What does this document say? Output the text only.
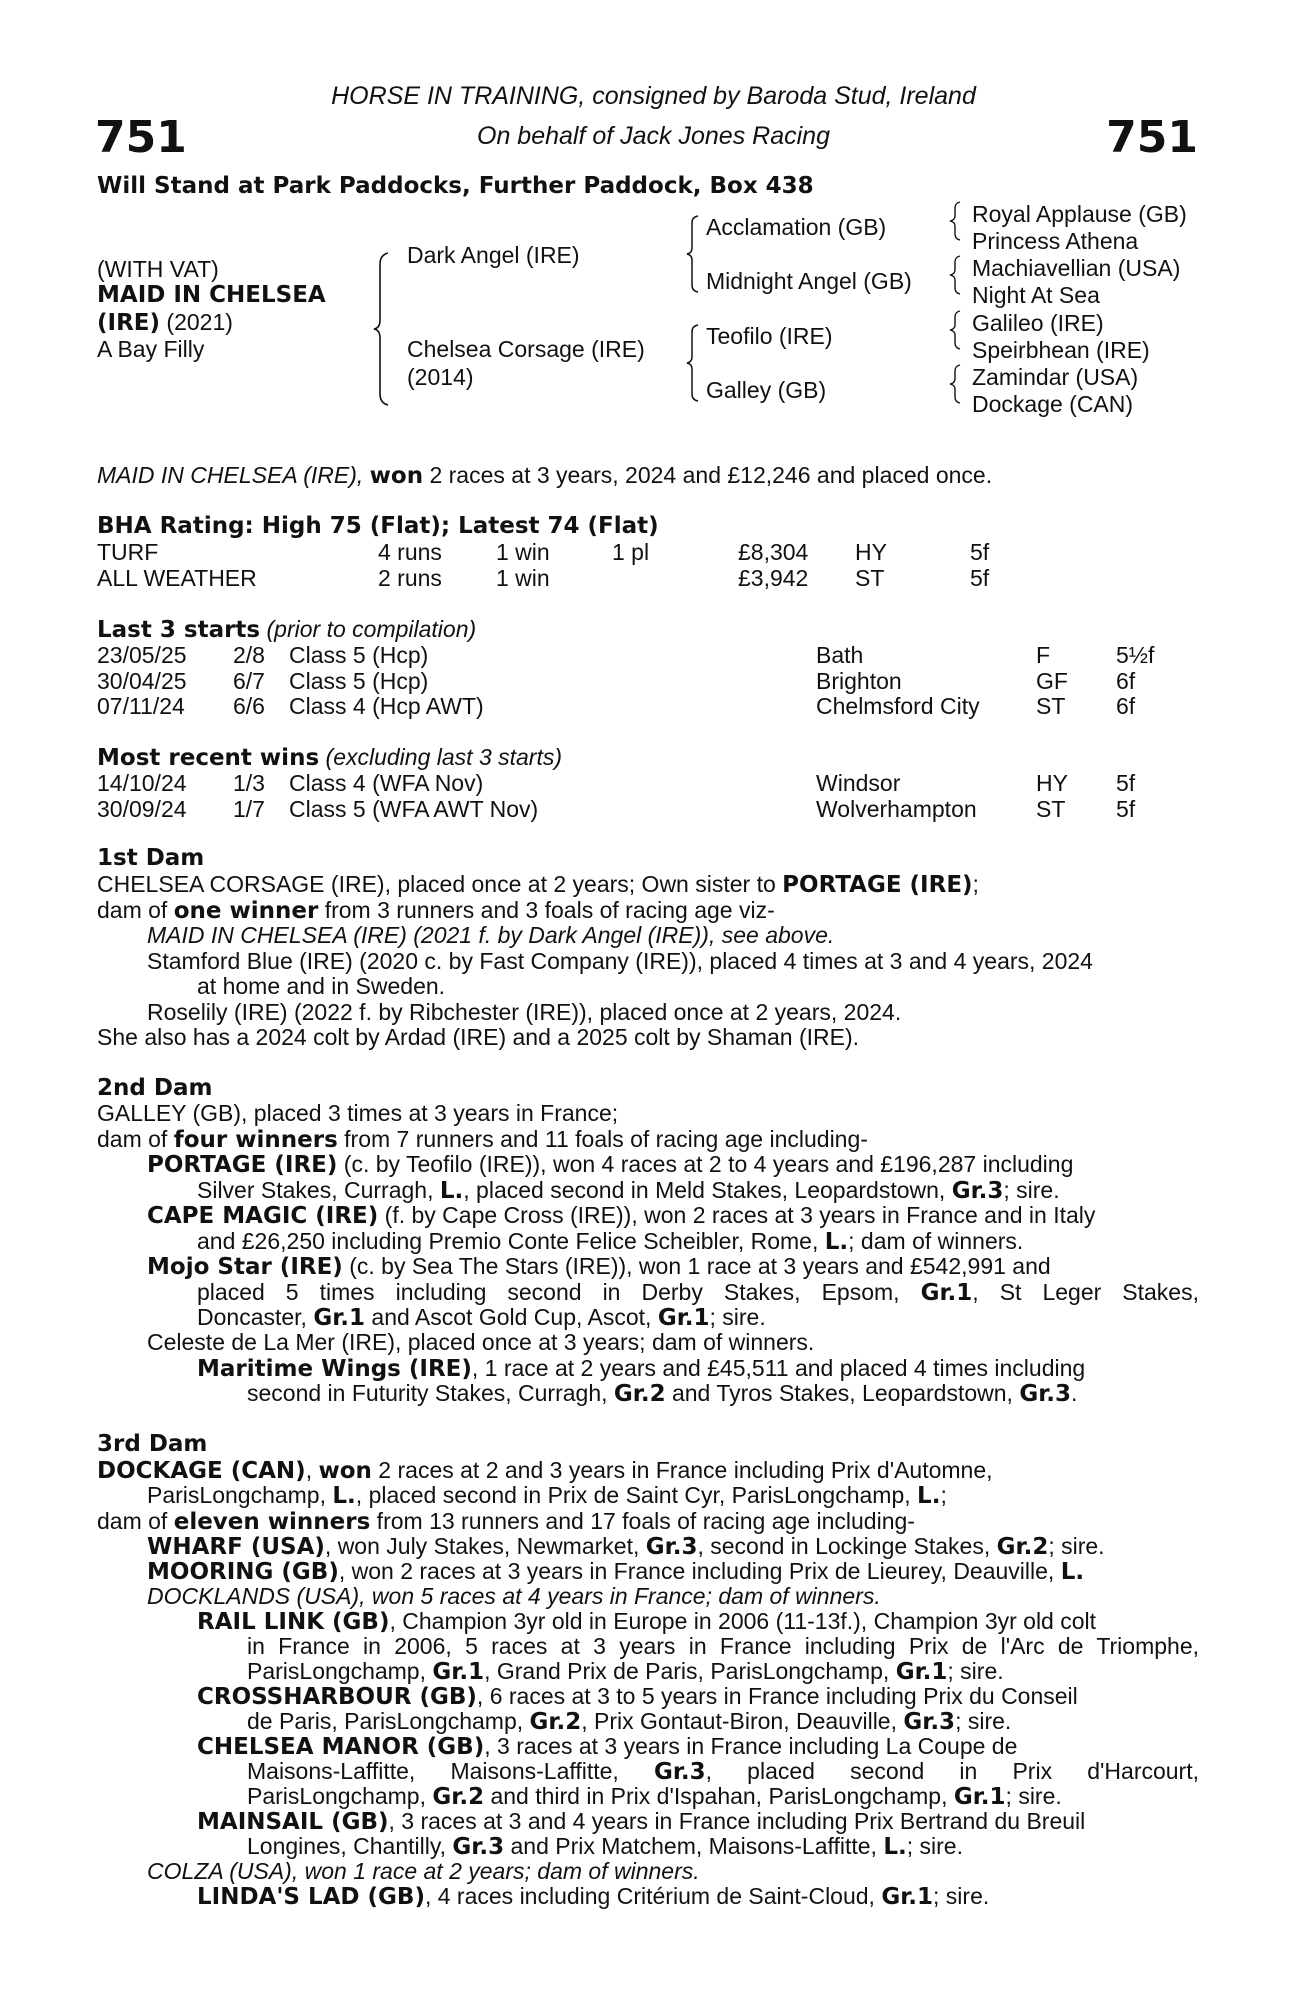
751	751
HORSE IN TRAINING, consigned by Baroda Stud, Ireland
On behalf of Jack Jones Racing
Will Stand at Park Paddocks, Further Paddock, Box 438
(WITH VAT)
MAID IN CHELSEA
(IRE) (2021)
A Bay Filly
Dark Angel (IRE)
Chelsea Corsage (IRE)
(2014)
Acclamation (GB)
Midnight Angel (GB)
Teofilo (IRE)
Galley (GB)
Royal Applause (GB)
Princess Athena
Machiavellian (USA)
Night At Sea
Galileo (IRE)
Speirbhean (IRE)
Zamindar (USA)
Dockage (CAN)
MAID IN CHELSEA (IRE), won 2 races at 3 years, 2024 and £12,246 and placed once.
BHA Rating: High 75 (Flat); Latest 74 (Flat)
TURF	4 runs 1 win	1 pl	£8,304 HY	5f
ALL WEATHER	2 runs 1 win	£3,942 ST	5f
Last 3 starts (prior to compilation)
23/05/25 2/8 Class 5 (Hcp)	Bath	F	5½f
30/04/25 6/7 Class 5 (Hcp)	Brighton	GF 6f
07/11/24 6/6 Class 4 (Hcp AWT)	Chelmsford City ST 6f
Most recent wins (excluding last 3 starts)
14/10/24 1/3 Class 4 (WFA Nov)	Windsor	HY 5f
30/09/24 1/7 Class 5 (WFA AWT Nov)	Wolverhampton	ST 5f
1st Dam
CHELSEA CORSAGE (IRE), placed once at 2 years; Own sister to PORTAGE (IRE);
dam of one winner from 3 runners and 3 foals of racing age viz-
MAID IN CHELSEA (IRE) (2021 f. by Dark Angel (IRE)), see above.
Stamford Blue (IRE) (2020 c. by Fast Company (IRE)), placed 4 times at 3 and 4 years, 2024
at home and in Sweden.
Roselily (IRE) (2022 f. by Ribchester (IRE)), placed once at 2 years, 2024.
She also has a 2024 colt by Ardad (IRE) and a 2025 colt by Shaman (IRE).
2nd Dam
GALLEY (GB), placed 3 times at 3 years in France;
dam of four winners from 7 runners and 11 foals of racing age including-
PORTAGE (IRE) (c. by Teofilo (IRE)), won 4 races at 2 to 4 years and £196,287 including
Silver Stakes, Curragh, L., placed second in Meld Stakes, Leopardstown, Gr.3; sire.
CAPE MAGIC (IRE) (f. by Cape Cross (IRE)), won 2 races at 3 years in France and in Italy
and £26,250 including Premio Conte Felice Scheibler, Rome, L.; dam of winners.
Mojo Star (IRE) (c. by Sea The Stars (IRE)), won 1 race at 3 years and £542,991 and
placed 5 times including second in Derby Stakes, Epsom, Gr.1, St Leger Stakes,
Doncaster, Gr.1 and Ascot Gold Cup, Ascot, Gr.1; sire.
Celeste de La Mer (IRE), placed once at 3 years; dam of winners.
Maritime Wings (IRE), 1 race at 2 years and £45,511 and placed 4 times including
second in Futurity Stakes, Curragh, Gr.2 and Tyros Stakes, Leopardstown, Gr.3.
3rd Dam
DOCKAGE (CAN), won 2 races at 2 and 3 years in France including Prix d'Automne,
ParisLongchamp, L., placed second in Prix de Saint Cyr, ParisLongchamp, L.;
dam of eleven winners from 13 runners and 17 foals of racing age including-
WHARF (USA), won July Stakes, Newmarket, Gr.3, second in Lockinge Stakes, Gr.2; sire.
MOORING (GB), won 2 races at 3 years in France including Prix de Lieurey, Deauville, L.
DOCKLANDS (USA), won 5 races at 4 years in France; dam of winners.
RAIL LINK (GB), Champion 3yr old in Europe in 2006 (11-13f.), Champion 3yr old colt
in France in 2006, 5 races at 3 years in France including Prix de l'Arc de Triomphe,
ParisLongchamp, Gr.1, Grand Prix de Paris, ParisLongchamp, Gr.1; sire.
CROSSHARBOUR (GB), 6 races at 3 to 5 years in France including Prix du Conseil
de Paris, ParisLongchamp, Gr.2, Prix Gontaut-Biron, Deauville, Gr.3; sire.
CHELSEA MANOR (GB), 3 races at 3 years in France including La Coupe de
Maisons-Laffitte, Maisons-Laffitte, Gr.3, placed second in Prix d'Harcourt,
ParisLongchamp, Gr.2 and third in Prix d'Ispahan, ParisLongchamp, Gr.1; sire.
MAINSAIL (GB), 3 races at 3 and 4 years in France including Prix Bertrand du Breuil
Longines, Chantilly, Gr.3 and Prix Matchem, Maisons-Laffitte, L.; sire.
COLZA (USA), won 1 race at 2 years; dam of winners.
LINDA'S LAD (GB), 4 races including Critérium de Saint-Cloud, Gr.1; sire.
